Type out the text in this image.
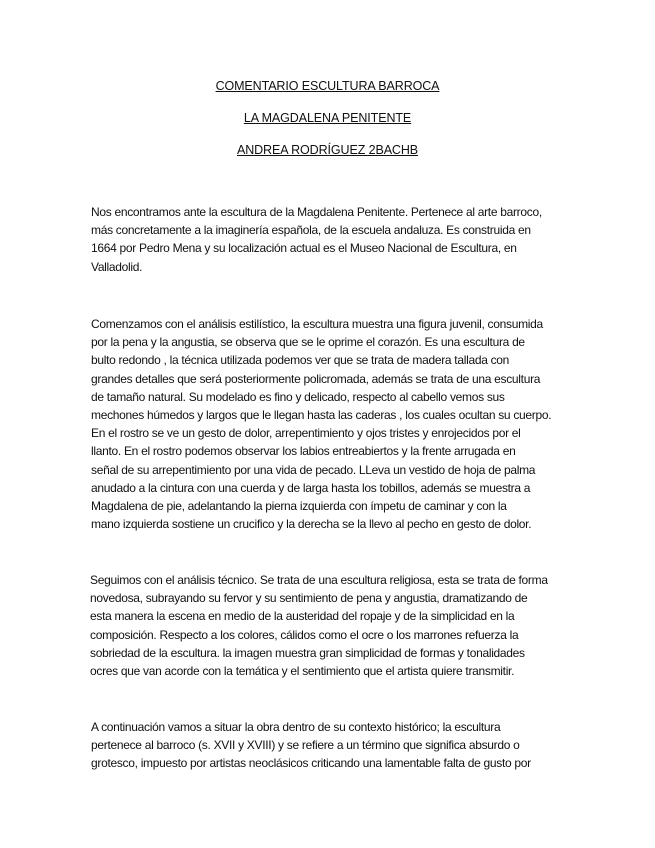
COMENTARIO ESCULTURA BARROCA
LA MAGDALENA PENITENTE
ANDREA RODRÍGUEZ 2BACHB
Nos encontramos ante la escultura de la Magdalena Penitente. Pertenece al arte barroco,
más concretamente a la imaginería española, de la escuela andaluza. Es construida en
1664 por Pedro Mena y su localización actual es el Museo Nacional de Escultura, en
Valladolid.
Comenzamos con el análisis estilístico, la escultura muestra una figura juvenil, consumida
por la pena y la angustia, se observa que se le oprime el corazón. Es una escultura de
bulto redondo , la técnica utilizada podemos ver que se trata de madera tallada con
grandes detalles que será posteriormente policromada, además se trata de una escultura
de tamaño natural. Su modelado es fino y delicado, respecto al cabello vemos sus
mechones húmedos y largos que le llegan hasta las caderas , los cuales ocultan su cuerpo.
En el rostro se ve un gesto de dolor, arrepentimiento y ojos tristes y enrojecidos por el
llanto. En el rostro podemos observar los labios entreabiertos y la frente arrugada en
señal de su arrepentimiento por una vida de pecado. LLeva un vestido de hoja de palma
anudado a la cintura con una cuerda y de larga hasta los tobillos, además se muestra a
Magdalena de pie, adelantando la pierna izquierda con ímpetu de caminar y con la
mano izquierda sostiene un crucifico y la derecha se la llevo al pecho en gesto de dolor.
Seguimos con el análisis técnico. Se trata de una escultura religiosa, esta se trata de forma
novedosa, subrayando su fervor y su sentimiento de pena y angustia, dramatizando de
esta manera la escena en medio de la austeridad del ropaje y de la simplicidad en la
composición. Respecto a los colores, cálidos como el ocre o los marrones refuerza la
sobriedad de la escultura. la imagen muestra gran simplicidad de formas y tonalidades
ocres que van acorde con la temática y el sentimiento que el artista quiere transmitir.
A continuación vamos a situar la obra dentro de su contexto histórico; la escultura
pertenece al barroco (s. XVII y XVIII) y se refiere a un término que significa absurdo o
grotesco, impuesto por artistas neoclásicos criticando una lamentable falta de gusto por
